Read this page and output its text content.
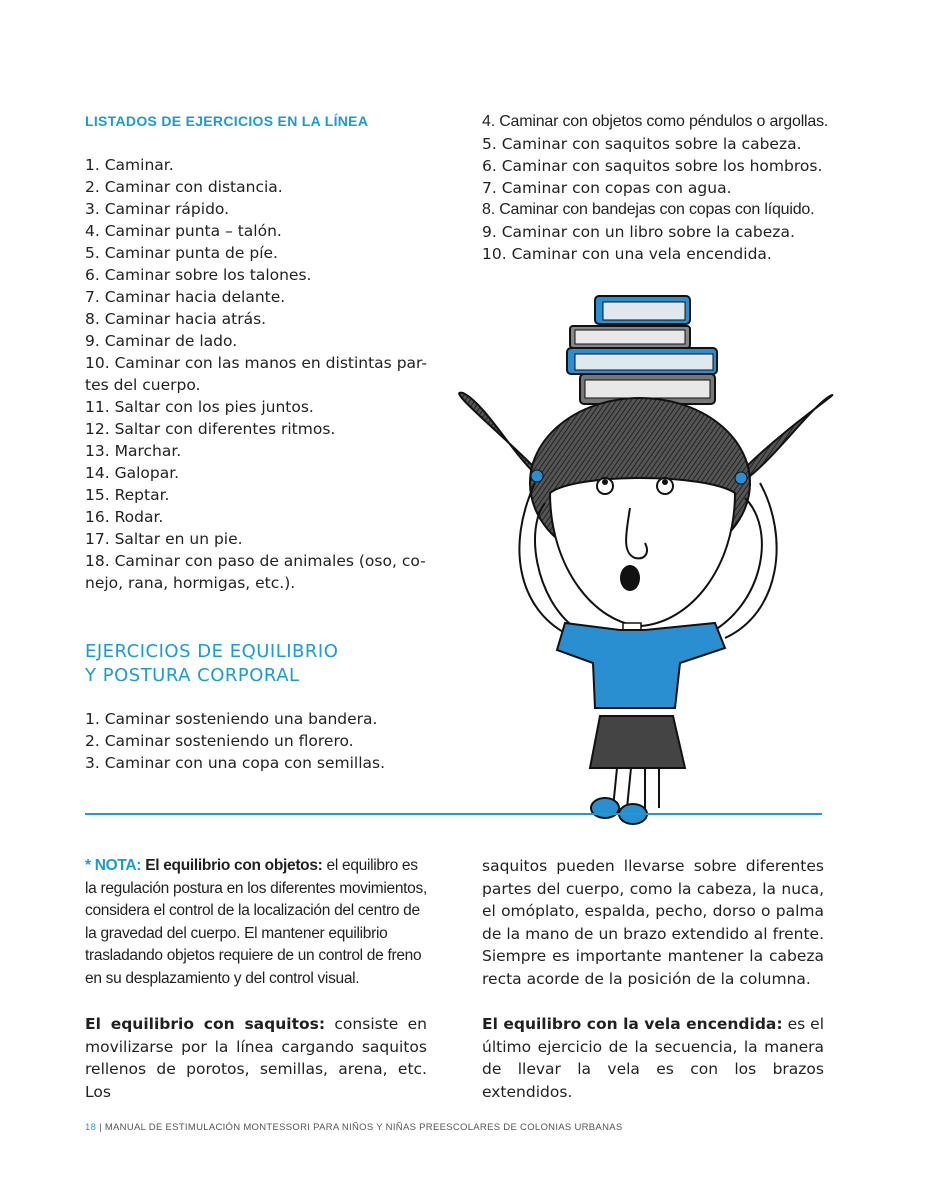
LISTADOS DE EJERCICIOS EN LA LÍNEA
1. Caminar.
2. Caminar con distancia.
3. Caminar rápido.
4. Caminar punta – talón.
5. Caminar punta de píe.
6. Caminar sobre los talones.
7. Caminar hacia delante.
8. Caminar hacia atrás.
9. Caminar de lado.
10. Caminar con las manos en distintas par-
tes del cuerpo.
11. Saltar con los pies juntos.
12. Saltar con diferentes ritmos.
13. Marchar.
14. Galopar.
15. Reptar.
16. Rodar.
17. Saltar en un pie.
18. Caminar con paso de animales (oso, co-
nejo, rana, hormigas, etc.).
EJERCICIOS DE EQUILIBRIO
Y POSTURA CORPORAL
1. Caminar sosteniendo una bandera.
2. Caminar sosteniendo un florero.
3. Caminar con una copa con semillas.
4. Caminar con objetos como péndulos o argollas.
5. Caminar con saquitos sobre la cabeza.
6. Caminar con saquitos sobre los hombros.
7. Caminar con copas con agua.
8. Caminar con bandejas con copas con líquido.
9. Caminar con un libro sobre la cabeza.
10. Caminar con una vela encendida.

* NOTA: El equilibrio con objetos: el equilibro es la regulación postura en los diferentes movimientos, considera el control de la localización del centro de la gravedad del cuerpo. El mantener equilibrio trasladando objetos requiere de un control de freno en su desplazamiento y del control visual.

El equilibrio con saquitos: consiste en movilizarse por la línea cargando saquitos rellenos de porotos, semillas, arena, etc. Los

saquitos pueden llevarse sobre diferentes partes del cuerpo, como la cabeza, la nuca, el omóplato, espalda, pecho, dorso o palma de la mano de un brazo extendido al frente. Siempre es importante mantener la cabeza recta acorde de la posición de la columna.

El equilibro con la vela encendida: es el último ejercicio de la secuencia, la manera de llevar la vela es con los brazos extendidos.

18 | MANUAL DE ESTIMULACIÓN MONTESSORI PARA NIÑOS Y NIÑAS PREESCOLARES DE COLONIAS URBANAS
